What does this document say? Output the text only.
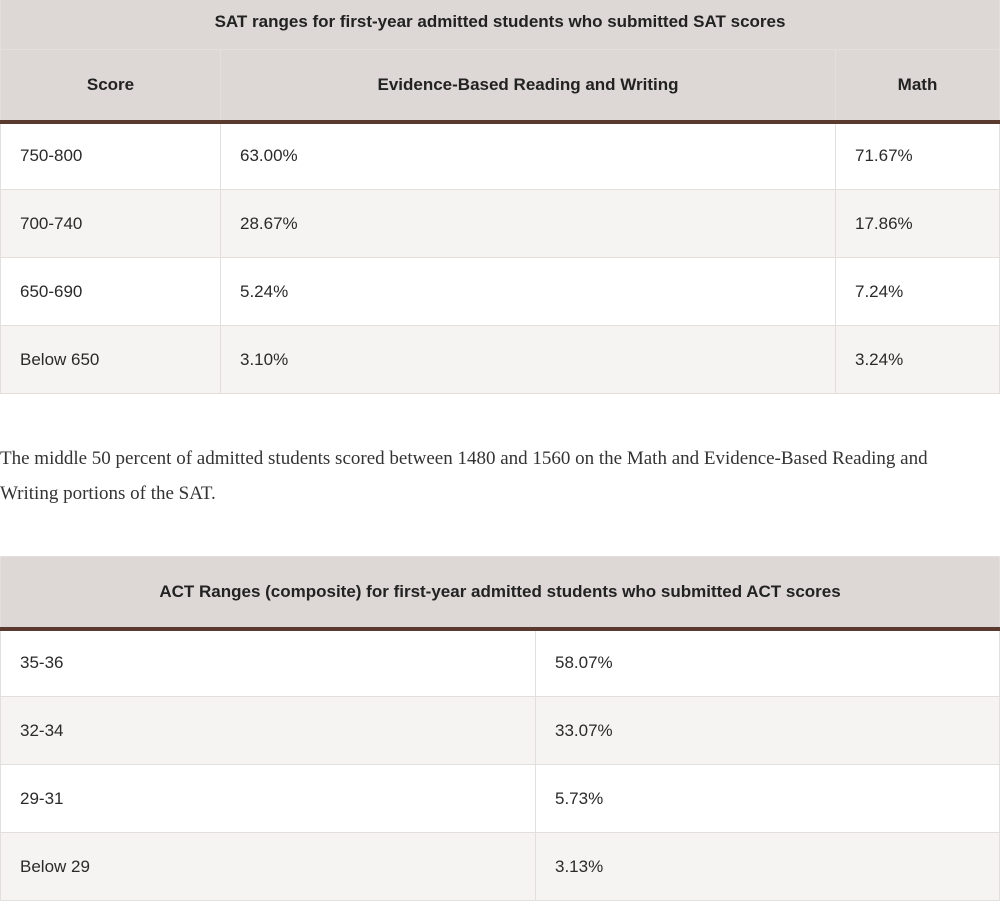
SAT ranges for first-year admitted students who submitted SAT scores		
Score	Evidence-Based Reading and Writing	Math
750-800	63.00%	71.67%
700-740	28.67%	17.86%
650-690	5.24%	7.24%
Below 650	3.10%	3.24%

The middle 50 percent of admitted students scored between 1480 and 1560 on the Math and Evidence-Based Reading and Writing portions of the SAT.

ACT Ranges (composite) for first-year admitted students who submitted ACT scores	
35-36	58.07%
32-34	33.07%
29-31	5.73%
Below 29	3.13%
